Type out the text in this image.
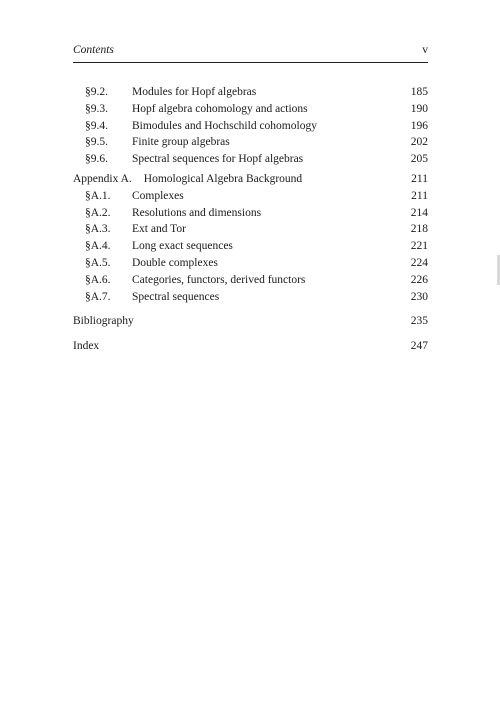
Contents	v
§9.2. Modules for Hopf algebras	185
§9.3. Hopf algebra cohomology and actions	190
§9.4. Bimodules and Hochschild cohomology	196
§9.5. Finite group algebras	202
§9.6. Spectral sequences for Hopf algebras	205
Appendix A. Homological Algebra Background	211
§A.1. Complexes	211
§A.2. Resolutions and dimensions	214
§A.3. Ext and Tor	218
§A.4. Long exact sequences	221
§A.5. Double complexes	224
§A.6. Categories, functors, derived functors	226
§A.7. Spectral sequences	230
Bibliography	235
Index	247
